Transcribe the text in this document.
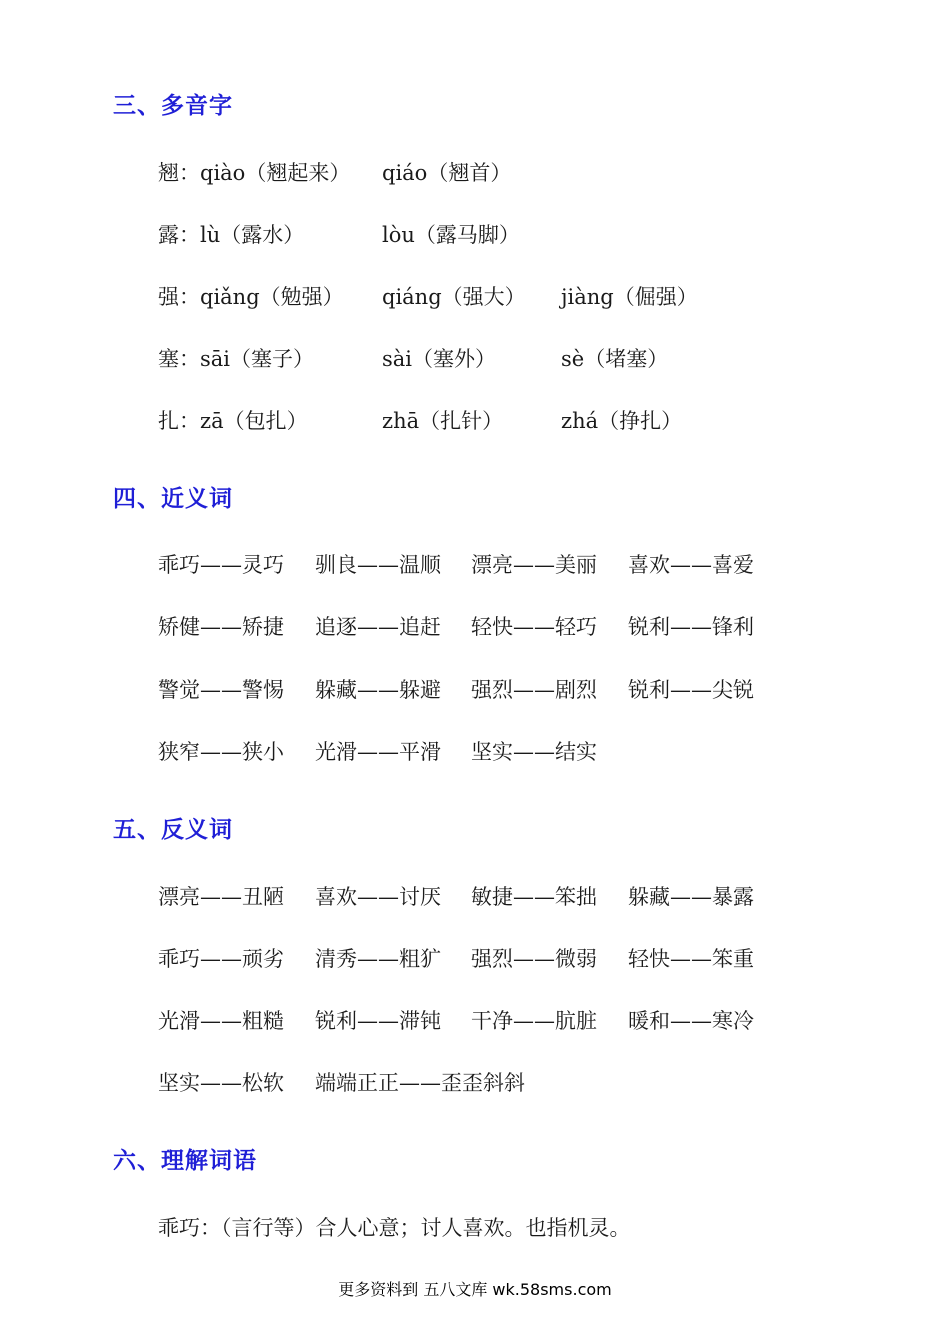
三、多音字
翘：qiào（翘起来） qiáo（翘首）
露：lù（露水）	lòu（露马脚）
强：qiǎng（勉强） qiáng（强大） jiàng（倔强）
塞：sāi（塞子）	sài（塞外）	sè（堵塞）
扎：zā（包扎）	zhā（扎针）	zhá（挣扎）
四、近义词
乖巧——灵巧 驯良——温顺 漂亮——美丽 喜欢——喜爱
矫健——矫捷 追逐——追赶 轻快——轻巧 锐利——锋利
警觉——警惕 躲藏——躲避 强烈——剧烈 锐利——尖锐
狭窄——狭小 光滑——平滑 坚实——结实
五、反义词
漂亮——丑陋 喜欢——讨厌 敏捷——笨拙 躲藏——暴露
乖巧——顽劣 清秀——粗犷 强烈——微弱 轻快——笨重
光滑——粗糙 锐利——滞钝 干净——肮脏 暖和——寒冷
坚实——松软 端端正正——歪歪斜斜
六、理解词语
乖巧：（言行等）合人心意；讨人喜欢。也指机灵。
更多资料到 五八文库 wk.58sms.com
